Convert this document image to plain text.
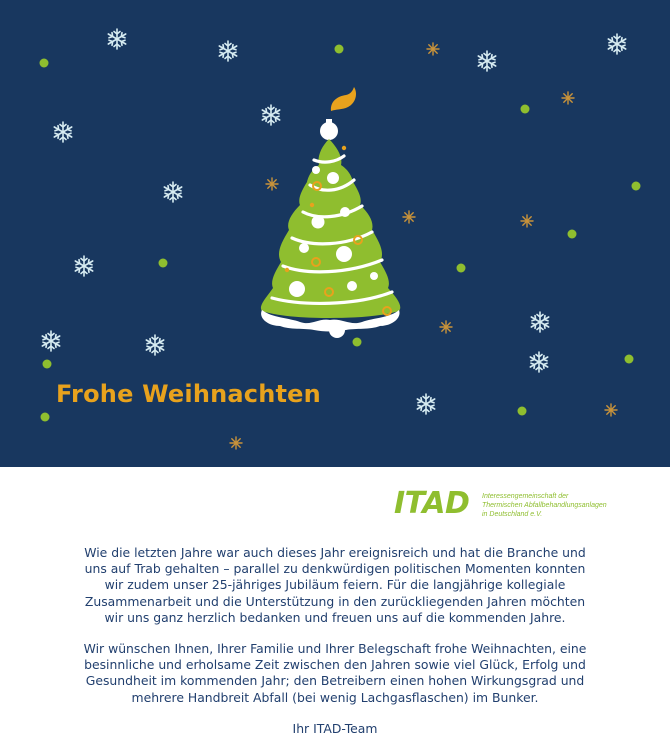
Frohe Weihnachten
ITAD Interessengemeinschaft der
Thermischen Abfallbehandlungsanlagen
in Deutschland e.V.
Wie die letzten Jahre war auch dieses Jahr ereignisreich und hat die Branche und
uns auf Trab gehalten – parallel zu denkwürdigen politischen Momenten konnten
wir zudem unser 25-jähriges Jubiläum feiern. Für die langjährige kollegiale
Zusammenarbeit und die Unterstützung in den zurückliegenden Jahren möchten
wir uns ganz herzlich bedanken und freuen uns auf die kommenden Jahre.
Wir wünschen Ihnen, Ihrer Familie und Ihrer Belegschaft frohe Weihnachten, eine
besinnliche und erholsame Zeit zwischen den Jahren sowie viel Glück, Erfolg und
Gesundheit im kommenden Jahr; den Betreibern einen hohen Wirkungsgrad und
mehrere Handbreit Abfall (bei wenig Lachgasflaschen) im Bunker.
Ihr ITAD-Team
